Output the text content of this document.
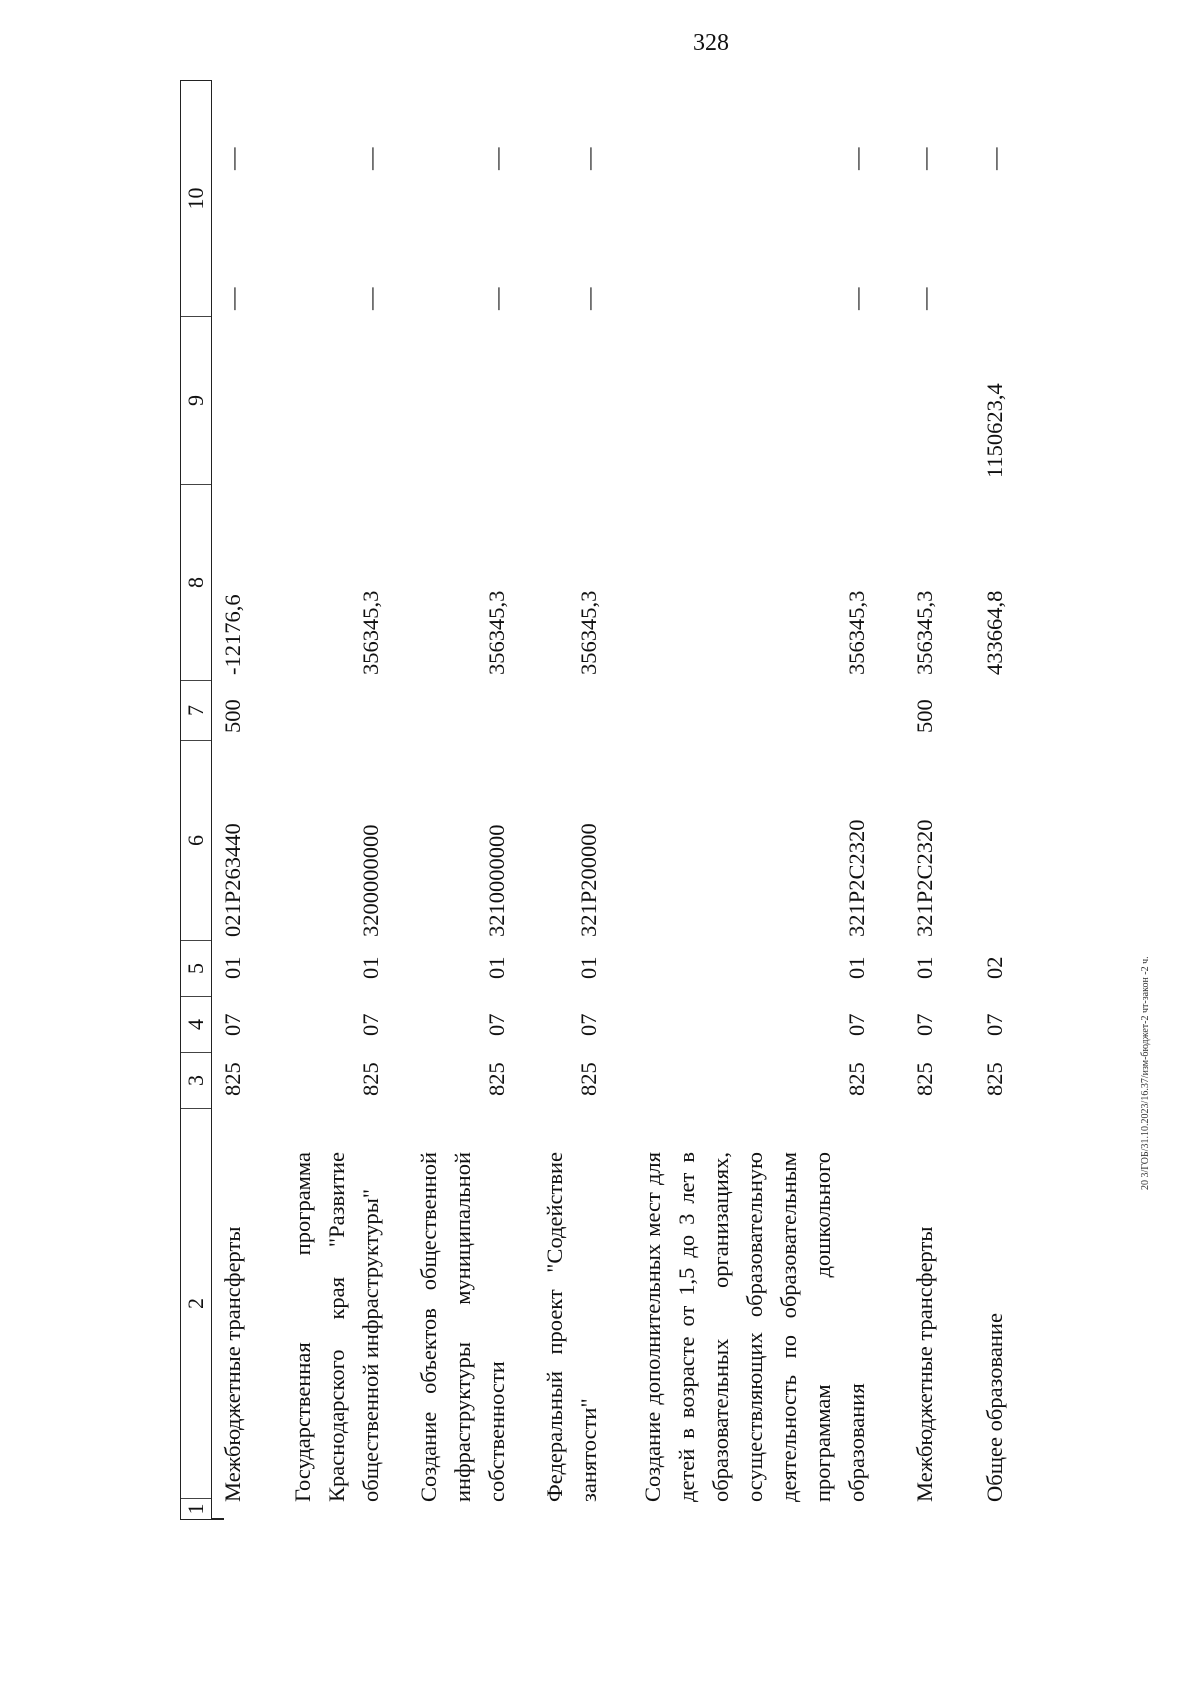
328
20 3/ГОБ/31.10.2023/16.37/изм-бюджет-2 чт-закон -2 ч.
1
2
3
4
5
6
7
8
9
10
Межбюджетные трансферты
825
07
01
021P263440
500
-12176,6
—
—
Государственная программа Краснодарского края "Развитие общественной инфраструктуры"
825
07
01
3200000000
356345,3
—
—
Создание объектов общественной инфраструктуры муниципальной собственности
825
07
01
3210000000
356345,3
—
—
Федеральный проект "Содействие занятости"
825
07
01
321P200000
356345,3
—
—
Создание дополнительных мест для детей в возрасте от 1,5 до 3 лет в образовательных организациях, осуществляющих образовательную деятельность по образовательным программам дошкольного образования
825
07
01
321P2C2320
356345,3
—
—
Межбюджетные трансферты
825
07
01
321P2C2320
500
356345,3
—
—
Общее образование
825
07
02
433664,8
1150623,4
—
